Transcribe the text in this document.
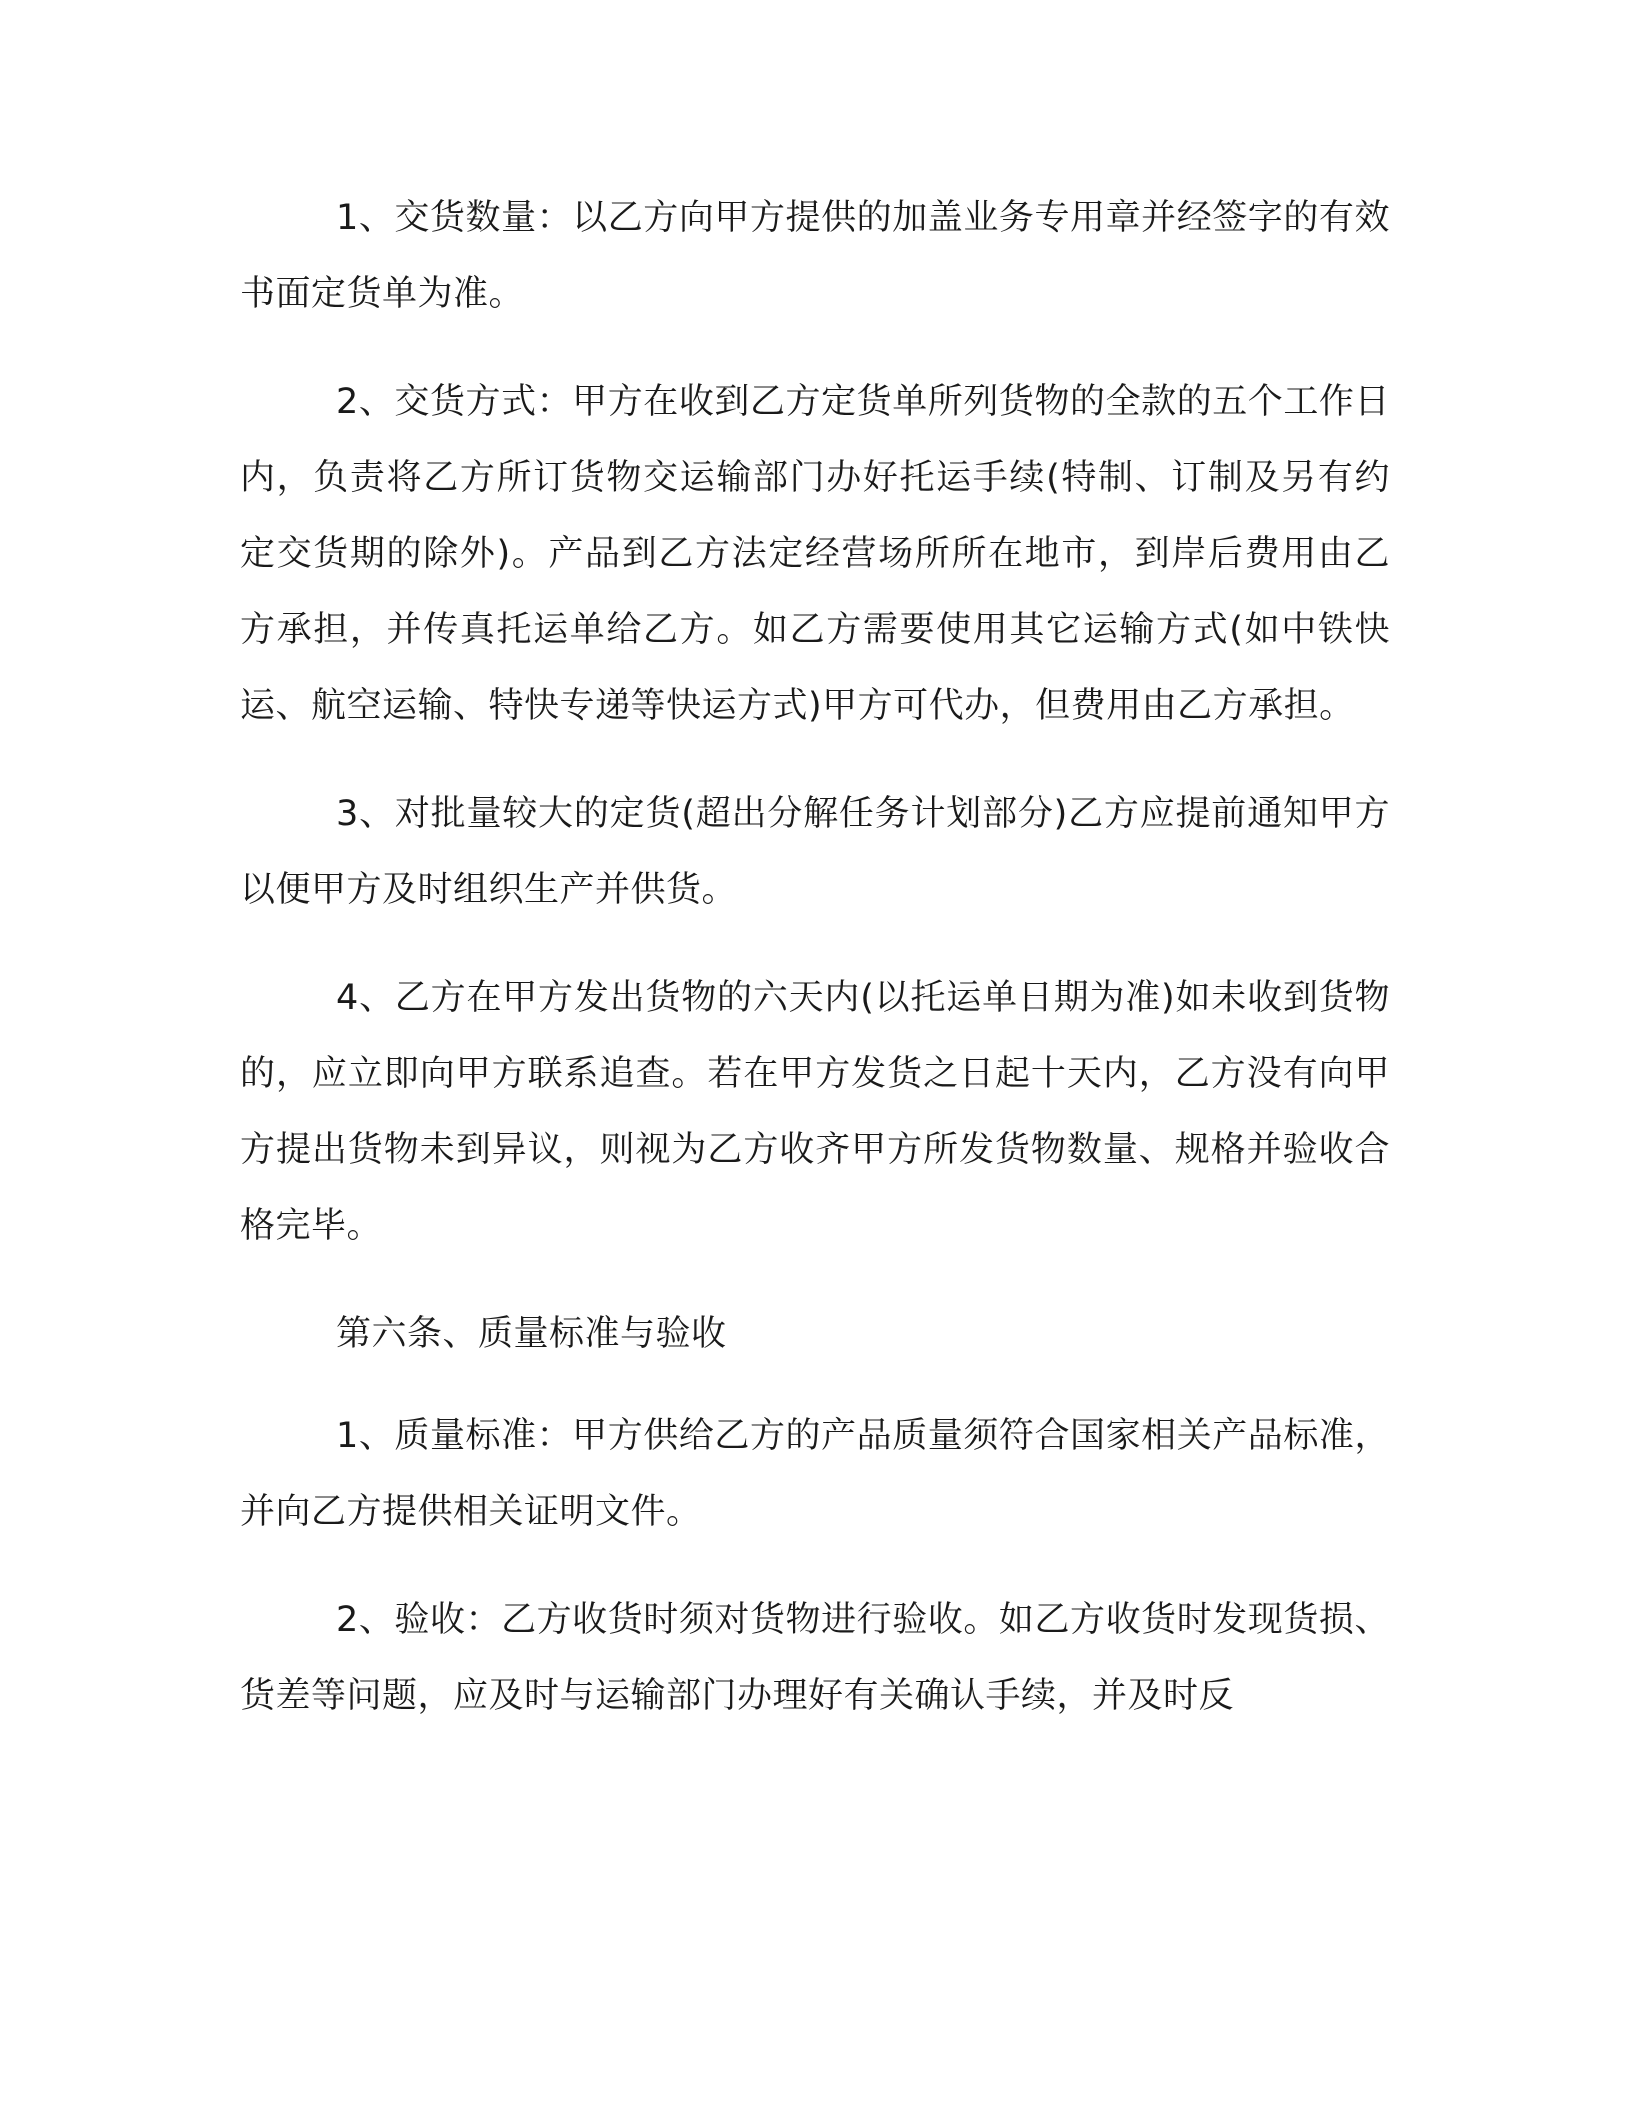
1、交货数量：以乙方向甲方提供的加盖业务专用章并经签字的有效书面定货单为准。

2、交货方式：甲方在收到乙方定货单所列货物的全款的五个工作日内，负责将乙方所订货物交运输部门办好托运手续(特制、订制及另有约定交货期的除外)。产品到乙方法定经营场所所在地市，到岸后费用由乙方承担，并传真托运单给乙方。如乙方需要使用其它运输方式(如中铁快运、航空运输、特快专递等快运方式)甲方可代办，但费用由乙方承担。

3、对批量较大的定货(超出分解任务计划部分)乙方应提前通知甲方以便甲方及时组织生产并供货。

4、乙方在甲方发出货物的六天内(以托运单日期为准)如未收到货物的，应立即向甲方联系追查。若在甲方发货之日起十天内，乙方没有向甲方提出货物未到异议，则视为乙方收齐甲方所发货物数量、规格并验收合格完毕。

第六条、质量标准与验收

1、质量标准：甲方供给乙方的产品质量须符合国家相关产品标准，并向乙方提供相关证明文件。

2、验收：乙方收货时须对货物进行验收。如乙方收货时发现货损、货差等问题，应及时与运输部门办理好有关确认手续，并及时反
